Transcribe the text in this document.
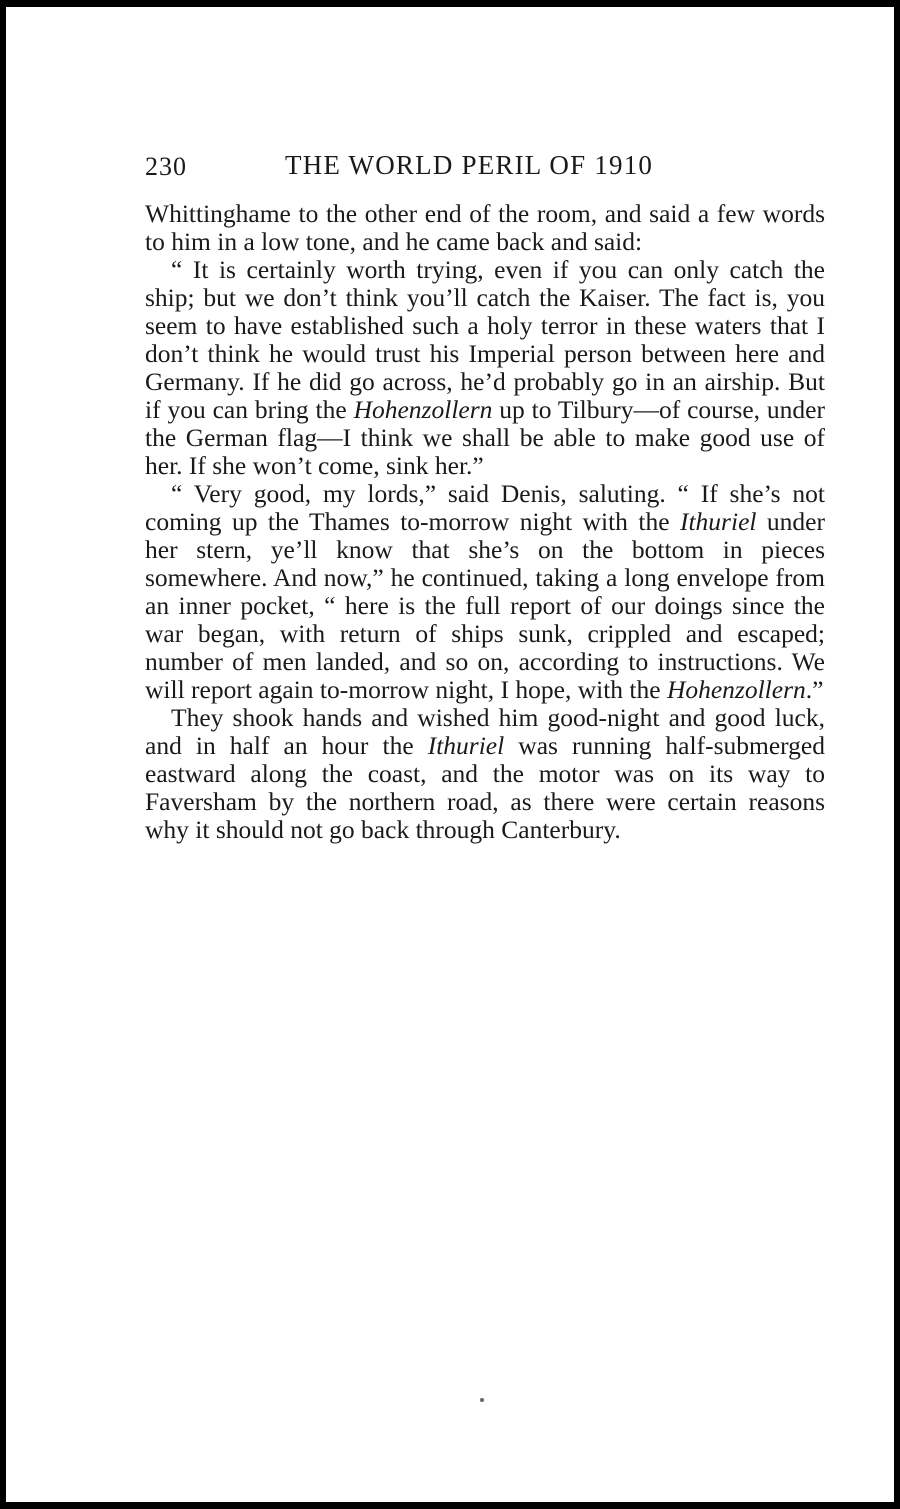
230	THE WORLD PERIL OF 1910

Whittinghame to the other end of the room, and said a few words to him in a low tone, and he came back and said:

“ It is certainly worth trying, even if you can only catch the ship; but we don’t think you’ll catch the Kaiser. The fact is, you seem to have established such a holy terror in these waters that I don’t think he would trust his Imperial person between here and Germany. If he did go across, he’d probably go in an airship. But if you can bring the Hohenzollern up to Tilbury—of course, under the German flag—I think we shall be able to make good use of her. If she won’t come, sink her.”

“ Very good, my lords,” said Denis, saluting. “ If she’s not coming up the Thames to-morrow night with the Ithuriel under her stern, ye’ll know that she’s on the bottom in pieces somewhere. And now,” he continued, taking a long envelope from an inner pocket, “ here is the full report of our doings since the war began, with return of ships sunk, crippled and escaped; number of men landed, and so on, according to instructions. We will report again to-morrow night, I hope, with the Hohenzollern.”

They shook hands and wished him good-night and good luck, and in half an hour the Ithuriel was running half-submerged eastward along the coast, and the motor was on its way to Faversham by the northern road, as there were certain reasons why it should not go back through Canterbury.
